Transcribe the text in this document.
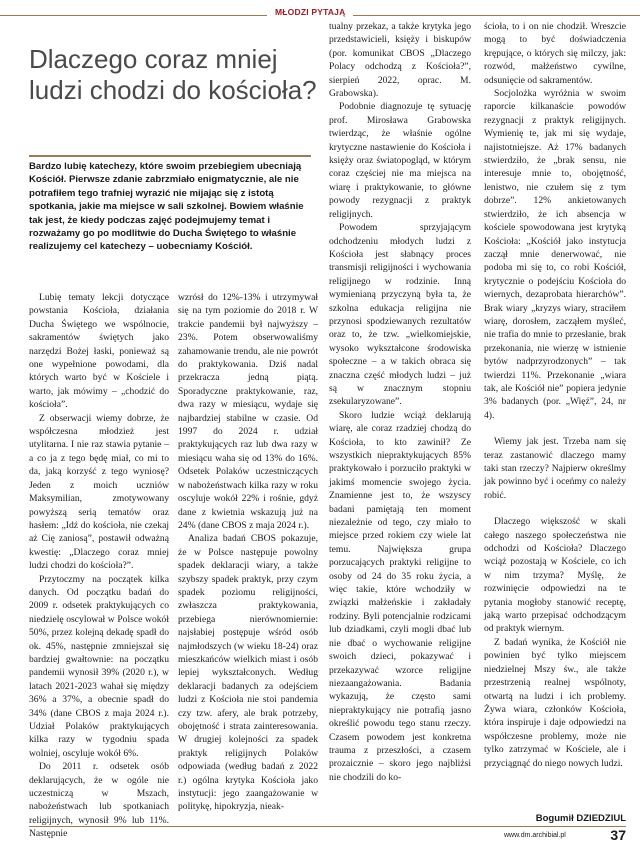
MŁODZI PYTAJĄ
Dlaczego coraz mniej ludzi chodzi do kościoła?

Bardzo lubię katechezy, które swoim przebiegiem ubecniają Kościół. Pierwsze zdanie zabrzmiało enigmatycznie, ale nie potrafiłem tego trafniej wyrazić nie mijając się z istotą spotkania, jakie ma miejsce w sali szkolnej. Bowiem właśnie tak jest, że kiedy podczas zajęć podejmujemy temat i rozważamy go po modlitwie do Ducha Świętego to właśnie realizujemy cel katechezy – uobecniamy Kościół.

Lubię tematy lekcji dotyczące powstania Kościoła, działania Ducha Świętego we wspólnocie, sakramentów świętych jako narzędzi Bożej łaski, ponieważ są one wypełnione powodami, dla których warto być w Kościele i warto, jak mówimy – „chodzić do kościoła”.

Z obserwacji wiemy dobrze, że współczesna młodzież jest utylitarna. I nie raz stawia pytanie – a co ja z tego będę miał, co mi to da, jaką korzyść z tego wyniosę? Jeden z moich uczniów Maksymilian, zmotywowany powyższą serią tematów oraz hasłem: „Idź do kościoła, nie czekaj aż Cię zaniosą”, postawił odważną kwestię: „Dlaczego coraz mniej ludzi chodzi do kościoła?”.

Przytoczmy na początek kilka danych. Od początku badań do 2009 r. odsetek praktykujących co niedzielę oscylował w Polsce wokół 50%, przez kolejną dekadę spadł do ok. 45%, następnie zmniejszał się bardziej gwałtownie: na początku pandemii wynosił 39% (2020 r.), w latach 2021-2023 wahał się między 36% a 37%, a obecnie spadł do 34% (dane CBOS z maja 2024 r.). Udział Polaków praktykujących kilka razy w tygodniu spada wolniej, oscyluje wokół 6%.

Do 2011 r. odsetek osób deklarujących, że w ogóle nie uczestniczą w Mszach, nabożeństwach lub spotkaniach religijnych, wynosił 9% lub 11%. Następnie

wzrósł do 12%-13% i utrzymywał się na tym poziomie do 2018 r. W trakcie pandemii był najwyższy – 23%. Potem obserwowaliśmy zahamowanie trendu, ale nie powrót do praktykowania. Dziś nadal przekracza jedną piątą. Sporadyczne praktykowanie, raz, dwa razy w miesiącu, wydaje się najbardziej stabilne w czasie. Od 1997 do 2024 r. udział praktykujących raz lub dwa razy w miesiącu waha się od 13% do 16%. Odsetek Polaków uczestniczących w nabożeństwach kilka razy w roku oscyluje wokół 22% i rośnie, gdyż dane z kwietnia wskazują już na 24% (dane CBOS z maja 2024 r.).

Analiza badań CBOS pokazuje, że w Polsce następuje powolny spadek deklaracji wiary, a także szybszy spadek praktyk, przy czym spadek poziomu religijności, zwłaszcza praktykowania, przebiega nierównomiernie: najsłabiej postępuje wśród osób najmłodszych (w wieku 18-24) oraz mieszkańców wielkich miast i osób lepiej wykształconych. Według deklaracji badanych za odejściem ludzi z Kościoła nie stoi pandemia czy tzw. afery, ale brak potrzeby, obojętność i strata zainteresowania. W drugiej kolejności za spadek praktyk religijnych Polaków odpowiada (według badań z 2022 r.) ogólna krytyka Kościoła jako instytucji: jego zaangażowanie w politykę, hipokryzja, nieak-

tualny przekaz, a także krytyka jego przedstawicieli, księży i biskupów (por. komunikat CBOS „Dlaczego Polacy odchodzą z Kościoła?”, sierpień 2022, oprac. M. Grabowska).

Podobnie diagnozuje tę sytuację prof. Mirosława Grabowska twierdząc, że właśnie ogólne krytyczne nastawienie do Kościoła i księży oraz światopogląd, w którym coraz częściej nie ma miejsca na wiarę i praktykowanie, to główne powody rezygnacji z praktyk religijnych.

Powodem sprzyjającym odchodzeniu młodych ludzi z Kościoła jest słabnący proces transmisji religijności i wychowania religijnego w rodzinie. Inną wymienianą przyczyną była ta, że szkolna edukacja religijna nie przynosi spodziewanych rezultatów oraz to, że tzw. „wielkomiejskie, wysoko wykształcone środowiska społeczne – a w takich obraca się znaczna część młodych ludzi – już są w znacznym stopniu zsekularyzowane”.

Skoro ludzie wciąż deklarują wiarę, ale coraz rzadziej chodzą do Kościoła, to kto zawinił? Ze wszystkich niepraktykujących 85% praktykowało i porzuciło praktyki w jakimś momencie swojego życia. Znamienne jest to, że wszyscy badani pamiętają ten moment niezależnie od tego, czy miało to miejsce przed rokiem czy wiele lat temu. Największa grupa porzucających praktyki religijne to osoby od 24 do 35 roku życia, a więc takie, które wchodziły w związki małżeńskie i zakładały rodziny. Byli potencjalnie rodzicami lub dziadkami, czyli mogli dbać lub nie dbać o wychowanie religijne swoich dzieci, pokazywać i przekazywać wzorce religijne niezaangażowania. Badania wykazują, że często sami niepraktykujący nie potrafią jasno określić powodu tego stanu rzeczy. Czasem powodem jest konkretna trauma z przeszłości, a czasem prozaicznie – skoro jego najbliżsi nie chodzili do ko-

ścioła, to i on nie chodził. Wreszcie mogą to być doświadczenia krępujące, o których się milczy, jak: rozwód, małżeństwo cywilne, odsunięcie od sakramentów.

Socjolożka wyróżnia w swoim raporcie kilkanaście powodów rezygnacji z praktyk religijnych. Wymienię te, jak mi się wydaje, najistotniejsze. Aż 17% badanych stwierdziło, że „brak sensu, nie interesuje mnie to, obojętność, lenistwo, nie czułem się z tym dobrze”. 12% ankietowanych stwierdziło, że ich absencja w kościele spowodowana jest krytyką Kościoła: „Kościół jako instytucja zaczął mnie denerwować, nie podoba mi się to, co robi Kościół, krytycznie o podejściu Kościoła do wiernych, dezaprobata hierarchów”. Brak wiary „kryzys wiary, straciłem wiarę, dorosłem, zacząłem myśleć, nie trafia do mnie to przesłanie, brak przekonania, nie wierzę w istnienie bytów nadprzyrodzonych” – tak twierdzi 11%. Przekonanie „wiara tak, ale Kościół nie” popiera jedynie 3% badanych (por. „Więź”, 24, nr 4).

Wiemy jak jest. Trzeba nam się teraz zastanowić dlaczego mamy taki stan rzeczy? Najpierw określmy jak powinno być i oceńmy co należy robić.

Dlaczego większość w skali całego naszego społeczeństwa nie odchodzi od Kościoła? Dlaczego wciąż pozostają w Kościele, co ich w nim trzyma? Myślę, że rozwinięcie odpowiedzi na te pytania mogłoby stanowić receptę, jaką warto przepisać odchodzącym od praktyk wiernym.

Z badań wynika, że Kościół nie powinien być tylko miejscem niedzielnej Mszy św., ale także przestrzenią realnej wspólnoty, otwartą na ludzi i ich problemy. Żywa wiara, członków Kościoła, która inspiruje i daje odpowiedzi na współczesne problemy, może nie tylko zatrzymać w Kościele, ale i przyciągnąć do niego nowych ludzi.

Bogumił DZIEDZIUL
www.dm.archibial.pl	37
